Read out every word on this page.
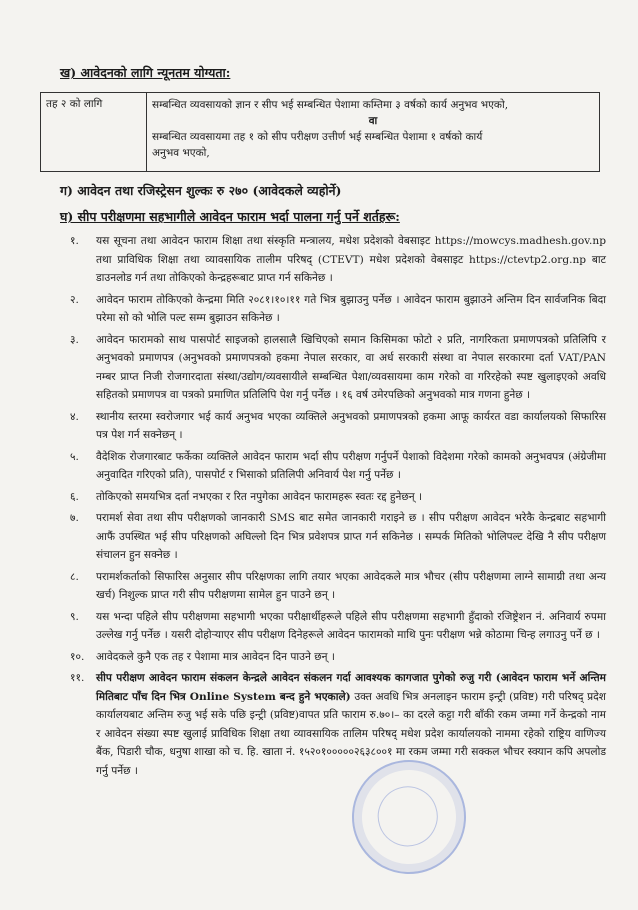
ख) आवेदनको लागि न्यूनतम योग्यता:
तह २ को लागि	सम्बन्धित व्यवसायको ज्ञान र सीप भई सम्बन्धित पेशामा कम्तिमा ३ वर्षको कार्य अनुभव भएको,
वा
सम्बन्धित व्यवसायमा तह १ को सीप परीक्षण उत्तीर्ण भई सम्बन्धित पेशामा १ वर्षको कार्य
अनुभव भएको,
ग) आवेदन तथा रजिस्ट्रेसन शुल्कः रु २७० (आवेदकले व्यहोर्ने)
घ) सीप परीक्षणमा सहभागीले आवेदन फाराम भर्दा पालना गर्नु पर्ने शर्तहरू:
१. यस सूचना तथा आवेदन फाराम शिक्षा तथा संस्कृति मन्त्रालय, मधेश प्रदेशको वेबसाइट https://mowcys.madhesh.gov.np तथा प्राविधिक शिक्षा तथा व्यावसायिक तालीम परिषद् (CTEVT) मधेश प्रदेशको वेबसाइट https://ctevtp2.org.np बाट डाउनलोड गर्न तथा तोकिएको केन्द्रहरूबाट प्राप्त गर्न सकिनेछ ।
२. आवेदन फाराम तोकिएको केन्द्रमा मिति २०८१।१०।११ गते भित्र बुझाउनु पर्नेछ । आवेदन फाराम बुझाउने अन्तिम दिन सार्वजनिक बिदा परेमा सो को भोलि पल्ट सम्म बुझाउन सकिनेछ ।
३. आवेदन फारामको साथ पासपोर्ट साइजको हालसालै खिचिएको समान किसिमका फोटो २ प्रति, नागरिकता प्रमाणपत्रको प्रतिलिपि र अनुभवको प्रमाणपत्र (अनुभवको प्रमाणपत्रको हकमा नेपाल सरकार, वा अर्ध सरकारी संस्था वा नेपाल सरकारमा दर्ता VAT/PAN नम्बर प्राप्त निजी रोजगारदाता संस्था/उद्योग/व्यवसायीले सम्बन्धित पेशा/व्यवसायमा काम गरेको वा गरिरहेको स्पष्ट खुलाइएको अवधि सहितको प्रमाणपत्र वा पत्रको प्रमाणित प्रतिलिपि पेश गर्नु पर्नेछ । १६ वर्ष उमेरपछिको अनुभवको मात्र गणना हुनेछ ।
४. स्थानीय स्तरमा स्वरोजगार भई कार्य अनुभव भएका व्यक्तिले अनुभवको प्रमाणपत्रको हकमा आफू कार्यरत वडा कार्यालयको सिफारिस पत्र पेश गर्न सक्नेछन् ।
५. वैदेशिक रोजगारबाट फर्केका व्यक्तिले आवेदन फाराम भर्दा सीप परीक्षण गर्नुपर्ने पेशाको विदेशमा गरेको कामको अनुभवपत्र (अंग्रेजीमा अनुवादित गरिएको प्रति), पासपोर्ट र भिसाको प्रतिलिपी अनिवार्य पेश गर्नु पर्नेछ ।
६. तोकिएको समयभित्र दर्ता नभएका र रित नपुगेका आवेदन फारामहरू स्वतः रद्द हुनेछन् ।
७. परामर्श सेवा तथा सीप परीक्षणको जानकारी SMS बाट समेत जानकारी गराइने छ । सीप परीक्षण आवेदन भरेकै केन्द्रबाट सहभागी आफैं उपस्थित भई सीप परिक्षणको अघिल्लो दिन भित्र प्रवेशपत्र प्राप्त गर्न सकिनेछ । सम्पर्क मितिको भोलिपल्ट देखि नै सीप परीक्षण संचालन हुन सक्नेछ ।
८. परामर्शकर्ताको सिफारिस अनुसार सीप परिक्षणका लागि तयार भएका आवेदकले मात्र भौचर (सीप परीक्षणमा लाग्ने सामाग्री तथा अन्य खर्च) निशुल्क प्राप्त गरी सीप परीक्षणमा सामेल हुन पाउने छन् ।
९. यस भन्दा पहिले सीप परीक्षणमा सहभागी भएका परीक्षार्थीहरूले पहिले सीप परीक्षणमा सहभागी हुँदाको रजिष्ट्रेशन नं. अनिवार्य रुपमा उल्लेख गर्नु पर्नेछ । यसरी दोहोऱ्याएर सीप परीक्षण दिनेहरूले आवेदन फारामको माथि पुनः परीक्षण भन्ने कोठामा चिन्ह लगाउनु पर्ने छ ।
१०. आवेदकले कुनै एक तह र पेशामा मात्र आवेदन दिन पाउने छन् ।
११. सीप परीक्षण आवेदन फाराम संकलन केन्द्रले आवेदन संकलन गर्दा आवश्यक कागजात पुगेको रुजु गरी (आवेदन फाराम भर्ने अन्तिम मितिबाट पाँच दिन भित्र Online System बन्द हुने भएकाले) उक्त अवधि भित्र अनलाइन फाराम इन्ट्री (प्रविष्ट) गरी परिषद् प्रदेश कार्यालयबाट अन्तिम रुजु भई सके पछि इन्ट्री (प्रविष्ट)वापत प्रति फाराम रु.७०।– का दरले कट्टा गरी बाँकी रकम जम्मा गर्ने केन्द्रको नाम र आवेदन संख्या स्पष्ट खुलाई प्राविधिक शिक्षा तथा व्यावसायिक तालिम परिषद् मधेश प्रदेश कार्यालयको नाममा रहेको राष्ट्रिय वाणिज्य बैंक, पिडारी चौक, धनुषा शाखा को च. हि. खाता नं. १५२०१०००००२६३८००१ मा रकम जम्मा गरी सक्कल भौचर स्क्यान कपि अपलोड गर्नु पर्नेछ ।
